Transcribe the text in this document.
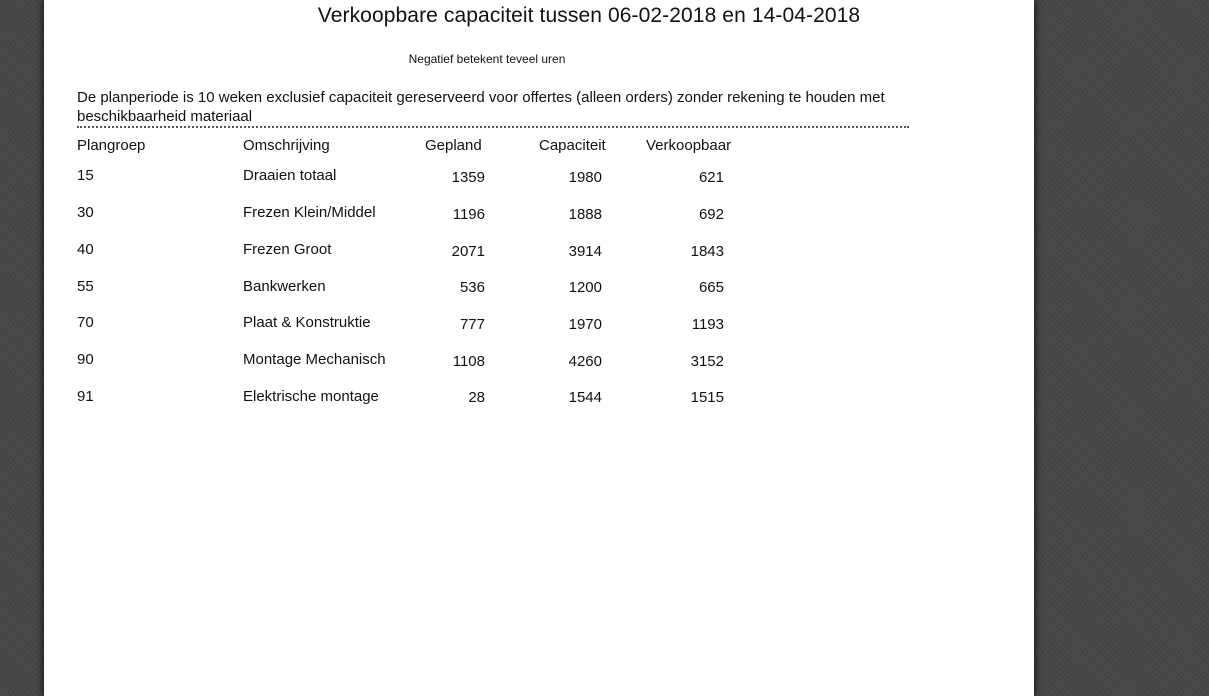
Verkoopbare capaciteit tussen 06-02-2018 en 14-04-2018
Negatief betekent teveel uren
De planperiode is 10 weken exclusief capaciteit gereserveerd voor offertes (alleen orders) zonder rekening te houden met beschikbaarheid materiaal
Plangroep	Omschrijving	Gepland	Capaciteit	Verkoopbaar
15	Draaien totaal	1359	1980	621
30	Frezen Klein/Middel	1196	1888	692
40	Frezen Groot	2071	3914	1843
55	Bankwerken	536	1200	665
70	Plaat & Konstruktie	777	1970	1193
90	Montage Mechanisch	1108	4260	3152
91	Elektrische montage	28	1544	1515
